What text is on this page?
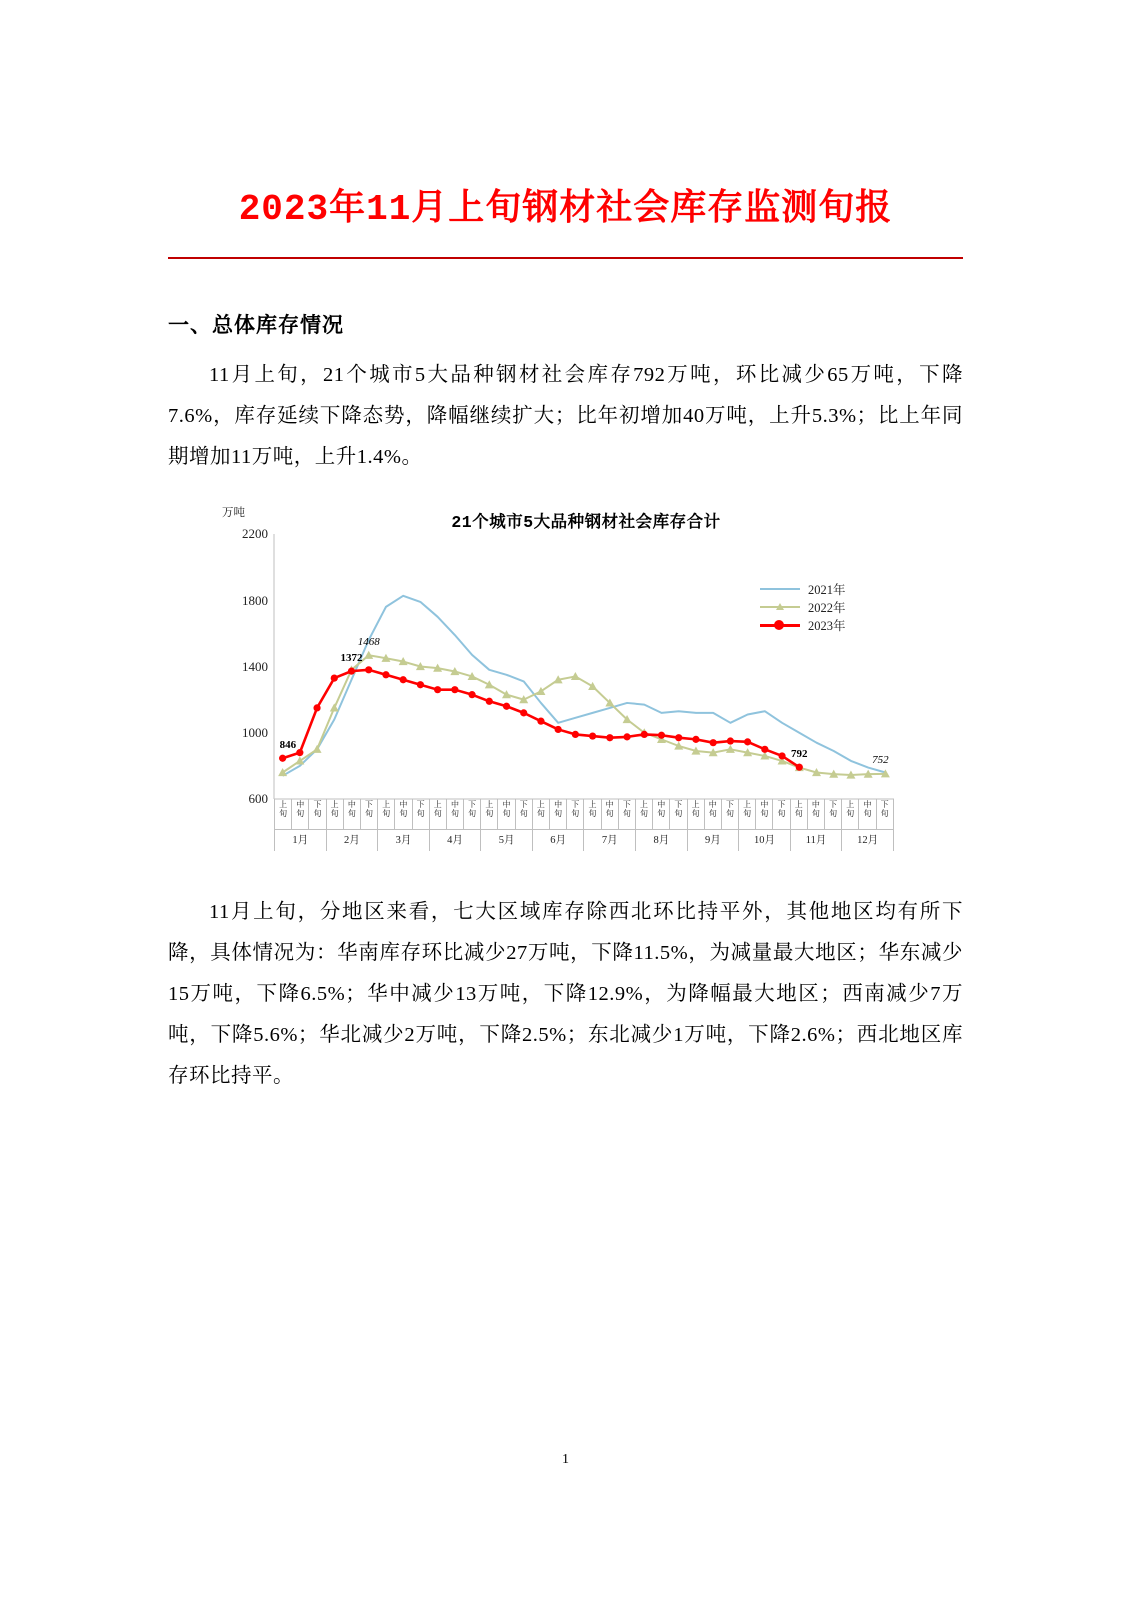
2023年11月上旬钢材社会库存监测旬报
一、总体库存情况
11月上旬，21个城市5大品种钢材社会库存792万吨，环比减少65万吨，下降7.6%，库存延续下降态势，降幅继续扩大；比年初增加40万吨，上升5.3%；比上年同期增加11万吨，上升1.4%。
万吨	21个城市5大品种钢材社会库存合计
600
1000
1400
1800
2200
846
1372
792
1468
752
2021年
2022年
2023年
上
旬
中
旬
下
旬
上
旬
中
旬
下
旬
上
旬
中
旬
下
旬
上
旬
中
旬
下
旬
上
旬
中
旬
下
旬
上
旬
中
旬
下
旬
上
旬
中
旬
下
旬
上
旬
中
旬
下
旬
上
旬
中
旬
下
旬
上
旬
中
旬
下
旬
上
旬
中
旬
下
旬
上
旬
中
旬
下
旬
1月	2月	3月	4月	5月	6月	7月	8月	9月	10月	11月	12月
11月上旬，分地区来看，七大区域库存除西北环比持平外，其他地区均有所下降，具体情况为：华南库存环比减少27万吨，下降11.5%，为减量最大地区；华东减少15万吨，下降6.5%；华中减少13万吨，下降12.9%，为降幅最大地区；西南减少7万吨，下降5.6%；华北减少2万吨，下降2.5%；东北减少1万吨，下降2.6%；西北地区库存环比持平。
1
